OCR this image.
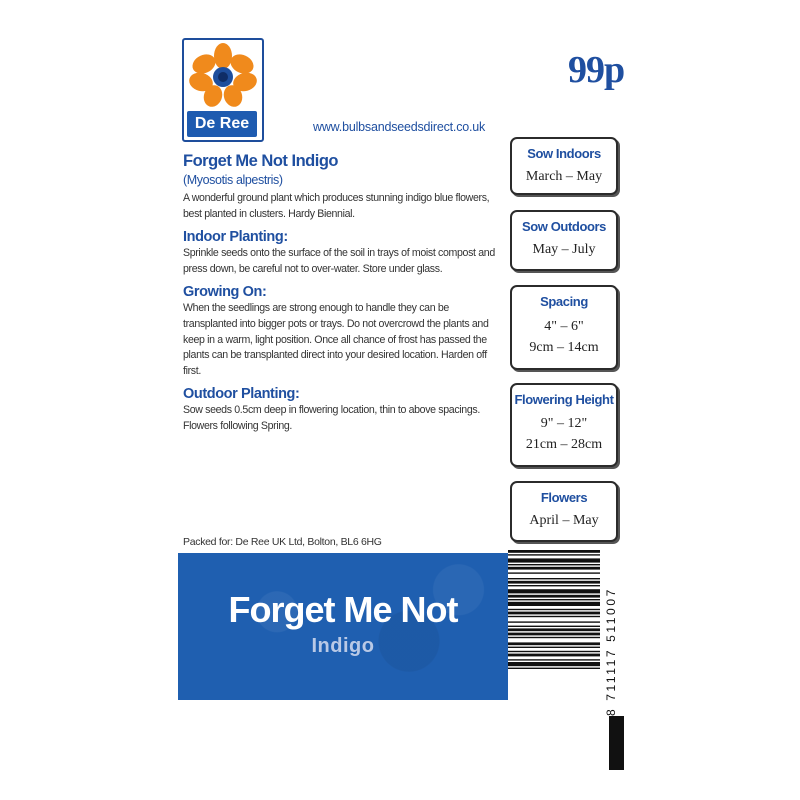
De Ree
99p
www.bulbsandseedsdirect.co.uk
Forget Me Not Indigo
(Myosotis alpestris)

A wonderful ground plant which produces stunning indigo blue flowers, best planted in clusters. Hardy Biennial.

Indoor Planting:

Sprinkle seeds onto the surface of the soil in trays of moist compost and press down, be careful not to over-water. Store under glass.

Growing On:

When the seedlings are strong enough to handle they can be transplanted into bigger pots or trays. Do not overcrowd the plants and keep in a warm, light position. Once all chance of frost has passed the plants can be transplanted direct into your desired location. Harden off first.

Outdoor Planting:

Sow seeds 0.5cm deep in flowering location, thin to above spacings. Flowers following Spring.

Packed for: De Ree UK Ltd, Bolton, BL6 6HG
Sow Indoors
March – May
Sow Outdoors
May – July
Spacing
4" – 6"
9cm – 14cm
Flowering Height
9" – 12"
21cm – 28cm
Flowers
April – May
Forget Me Not
Indigo	8 711117 511007
